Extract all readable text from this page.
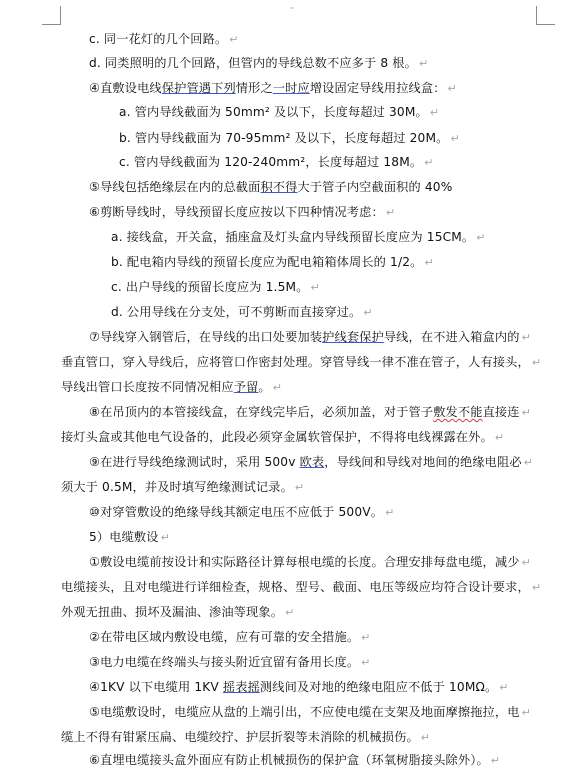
"
c. 同一花灯的几个回路。 ↵
d. 同类照明的几个回路，但管内的导线总数不应多于 8 根。 ↵
④直敷设电线保护管遇下列情形之一时应增设固定导线用拉线盒： ↵
a. 管内导线截面为 50mm² 及以下，长度每超过 30M。 ↵
b. 管内导线截面为 70-95mm² 及以下，长度每超过 20M。 ↵
c. 管内导线截面为 120-240mm²，长度每超过 18M。 ↵
⑤导线包括绝缘层在内的总截面积不得大于管子内空截面积的 40%
⑥剪断导线时，导线预留长度应按以下四种情况考虑： ↵
a. 接线盒，开关盒，插座盒及灯头盒内导线预留长度应为 15CM。 ↵
b. 配电箱内导线的预留长度应为配电箱箱体周长的 1/2。 ↵
c. 出户导线的预留长度应为 1.5M。 ↵
d. 公用导线在分支处，可不剪断而直接穿过。 ↵
⑦导线穿入钢管后，在导线的出口处要加装护线套保护导线，在不进入箱盒内的 ↵
垂直管口，穿入导线后，应将管口作密封处理。穿管导线一律不准在管子，人有接头， ↵
导线出管口长度按不同情况相应予留。 ↵
⑧在吊顶内的本管接线盒，在穿线完毕后，必须加盖，对于管子敷发不能直接连 ↵
接灯头盒或其他电气设备的，此段必须穿金属软管保护，不得将电线裸露在外。 ↵
⑨在进行导线绝缘测试时，采用 500v 欧表，导线间和导线对地间的绝缘电阻必 ↵
须大于 0.5M，并及时填写绝缘测试记录。 ↵
⑩对穿管敷设的绝缘导线其额定电压不应低于 500V。 ↵
5）电缆敷设 ↵
①敷设电缆前按设计和实际路径计算每根电缆的长度。合理安排每盘电缆，减少 ↵
电缆接头，且对电缆进行详细检查，规格、型号、截面、电压等级应均符合设计要求， ↵
外观无扭曲、损坏及漏油、渗油等现象。 ↵
②在带电区域内敷设电缆，应有可靠的安全措施。 ↵
③电力电缆在终端头与接头附近宜留有备用长度。 ↵
④1KV 以下电缆用 1KV 摇表摇测线间及对地的绝缘电阻应不低于 10MΩ。 ↵
⑤电缆敷设时，电缆应从盘的上端引出，不应使电缆在支架及地面摩擦拖拉，电 ↵
缆上不得有钳紧压扁、电缆绞拧、护层折裂等未消除的机械损伤。 ↵
⑥直埋电缆接头盒外面应有防止机械损伤的保护盒（环氧树脂接头除外）。 ↵
